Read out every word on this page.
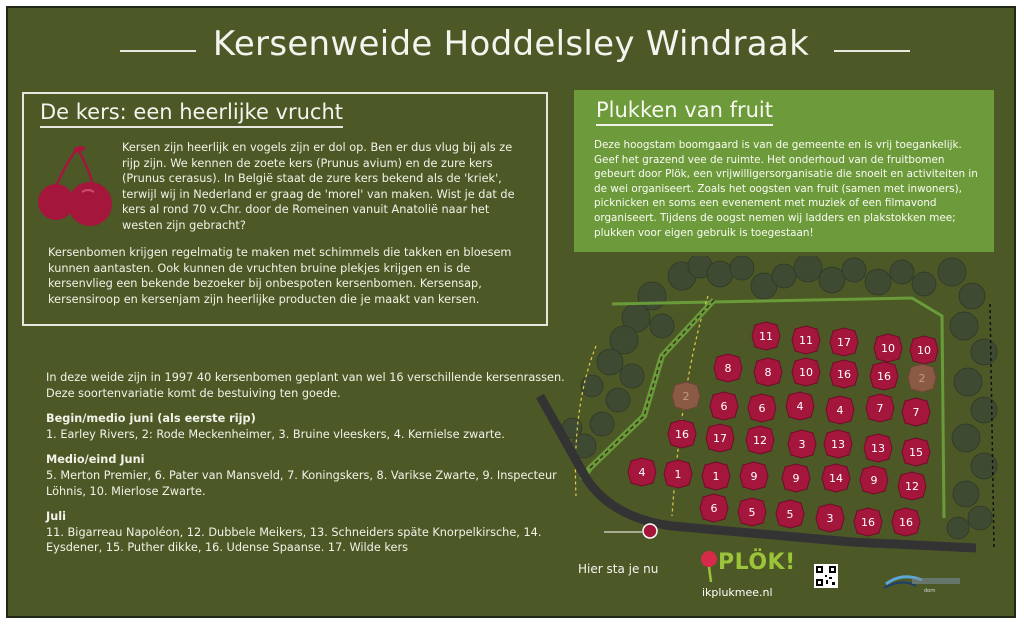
Kersenweide Hoddelsley Windraak
De kers: een heerlijke vrucht

Kersen zijn heerlijk en vogels zijn er dol op. Ben er dus vlug bij als ze rijp zijn. We kennen de zoete kers (Prunus avium) en de zure kers (Prunus cerasus). In België staat de zure kers bekend als de 'kriek', terwijl wij in Nederland er graag de 'morel' van maken. Wist je dat de kers al rond 70 v.Chr. door de Romeinen vanuit Anatolië naar het westen zijn gebracht?

Kersenbomen krijgen regelmatig te maken met schimmels die takken en bloesem kunnen aantasten. Ook kunnen de vruchten bruine plekjes krijgen en is de kersenvlieg een bekende bezoeker bij onbespoten kersenbomen. Kersensap, kersensiroop en kersenjam zijn heerlijke producten die je maakt van kersen.

Plukken van fruit

Deze hoogstam boomgaard is van de gemeente en is vrij toegankelijk. Geef het grazend vee de ruimte. Het onderhoud van de fruitbomen gebeurt door Plök, een vrijwilligersorganisatie die snoeit en activiteiten in de wei organiseert. Zoals het oogsten van fruit (samen met inwoners), picknicken en soms een evenement met muziek of een filmavond organiseert. Tijdens de oogst nemen wij ladders en plakstokken mee; plukken voor eigen gebruik is toegestaan!

In deze weide zijn in 1997 40 kersenbomen geplant van wel 16 verschillende kersenrassen. Deze soortenvariatie komt de bestuiving ten goede.

Begin/medio juni (als eerste rijp)

1. Earley Rivers, 2: Rode Meckenheimer, 3. Bruine vleeskers, 4. Kernielse zwarte.

Medio/eind Juni

5. Merton Premier, 6. Pater van Mansveld, 7. Koningskers, 8. Varikse Zwarte, 9. Inspecteur Löhnis, 10. Mierlose Zwarte.

Juli

11. Bigarreau Napoléon, 12. Dubbele Meikers, 13. Schneiders späte Knorpelkirsche, 14. Eysdener, 15. Puther dikke, 16. Udense Spaanse. 17. Wilde kers

11 11 17	10 10
8	8	10 16 16	2
6	6	4	4	7	7
2
16 17 12	3 13 13 15
4	1	1	9	9	14	9	12
6	5	5	3	16 16
Hier sta je nu	PLÖK!
ikplukmee.nl	dorn
